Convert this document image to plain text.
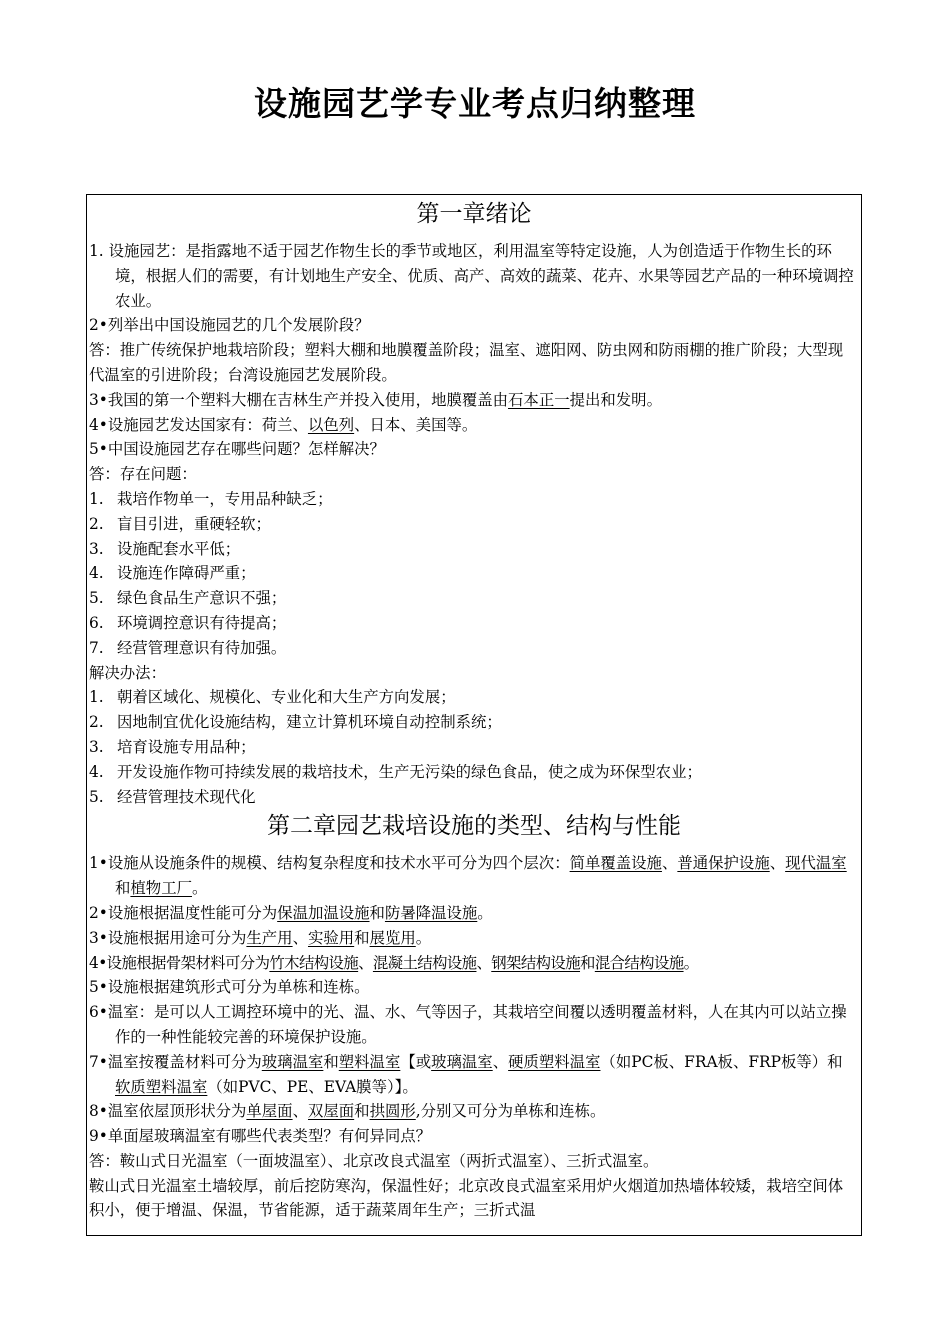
设施园艺学专业考点归纳整理
第一章绪论
1. 设施园艺：是指露地不适于园艺作物生长的季节或地区，利用温室等特定设施，人为创造适于作物生长的环境，根据人们的需要，有计划地生产安全、优质、高产、高效的蔬菜、花卉、水果等园艺产品的一种环境调控农业。
2•列举出中国设施园艺的几个发展阶段？
答：推广传统保护地栽培阶段；塑料大棚和地膜覆盖阶段；温室、遮阳网、防虫网和防雨棚的推广阶段；大型现代温室的引进阶段；台湾设施园艺发展阶段。
3•我国的第一个塑料大棚在吉林生产并投入使用，地膜覆盖由石本正一提出和发明。
4•设施园艺发达国家有：荷兰、以色列、日本、美国等。
5•中国设施园艺存在哪些问题？怎样解决？
答：存在问题：
1. 栽培作物单一，专用品种缺乏；
2. 盲目引进，重硬轻软；
3. 设施配套水平低；
4. 设施连作障碍严重；
5. 绿色食品生产意识不强；
6. 环境调控意识有待提高；
7. 经营管理意识有待加强。
解决办法：
1. 朝着区域化、规模化、专业化和大生产方向发展；
2. 因地制宜优化设施结构，建立计算机环境自动控制系统；
3. 培育设施专用品种；
4. 开发设施作物可持续发展的栽培技术，生产无污染的绿色食品，使之成为环保型农业；
5. 经营管理技术现代化
第二章园艺栽培设施的类型、结构与性能
1•设施从设施条件的规模、结构复杂程度和技术水平可分为四个层次：简单覆盖设施、普通保护设施、现代温室和植物工厂。
2•设施根据温度性能可分为保温加温设施和防暑降温设施。
3•设施根据用途可分为生产用、实验用和展览用。
4•设施根据骨架材料可分为竹木结构设施、混凝土结构设施、钢架结构设施和混合结构设施。
5•设施根据建筑形式可分为单栋和连栋。
6•温室：是可以人工调控环境中的光、温、水、气等因子，其栽培空间覆以透明覆盖材料，人在其内可以站立操作的一种性能较完善的环境保护设施。
7•温室按覆盖材料可分为玻璃温室和塑料温室【或玻璃温室、硬质塑料温室（如PC板、FRA板、FRP板等）和软质塑料温室（如PVC、PE、EVA膜等）】。
8•温室依屋顶形状分为单屋面、双屋面和拱圆形,分别又可分为单栋和连栋。
9•单面屋玻璃温室有哪些代表类型？有何异同点？
答：鞍山式日光温室（一面坡温室）、北京改良式温室（两折式温室）、三折式温室。
鞍山式日光温室土墙较厚，前后挖防寒沟，保温性好；北京改良式温室采用炉火烟道加热墙体较矮，栽培空间体积小，便于增温、保温，节省能源，适于蔬菜周年生产；三折式温
